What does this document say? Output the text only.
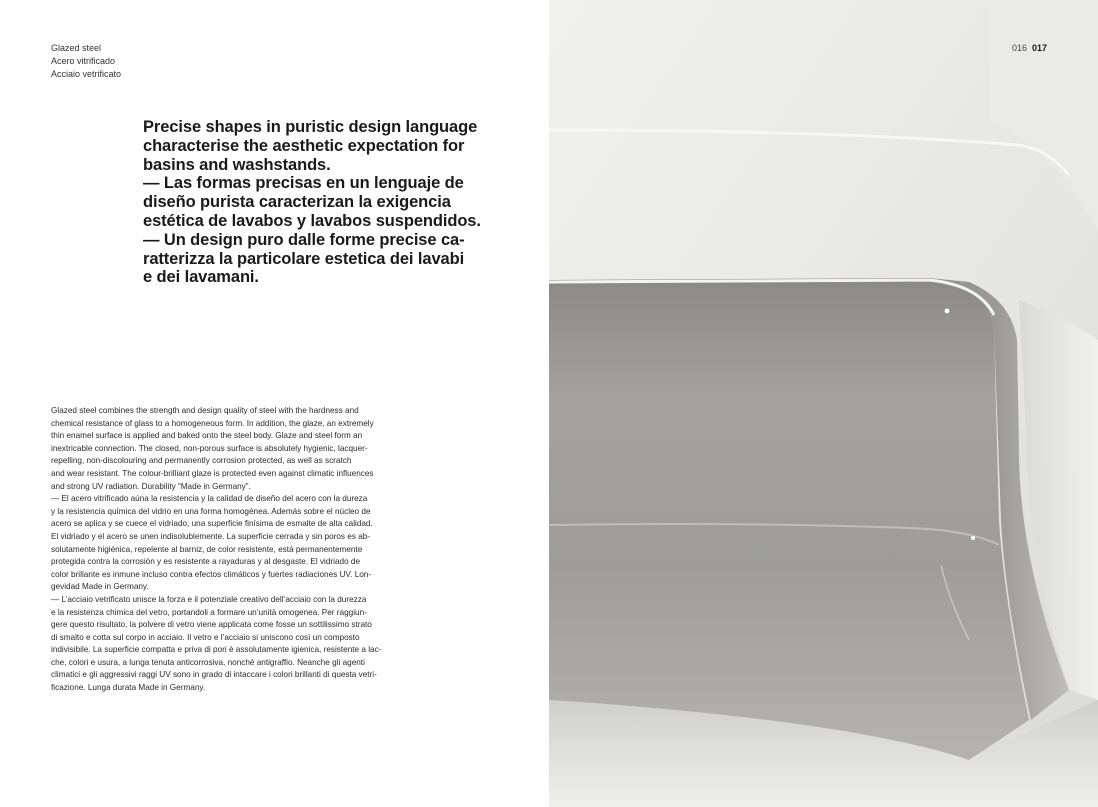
Glazed steel
Acero vitrificado
Acciaio vetrificato
Precise shapes in puristic design language
characterise the aesthetic expectation for
basins and washstands.
— Las formas precisas en un lenguaje de
diseño purista caracterizan la exigencia
estética de lavabos y lavabos suspendidos.
— Un design puro dalle forme precise ca-
ratterizza la particolare estetica dei lavabi
e dei lavamani.
Glazed steel combines the strength and design quality of steel with the hardness and
chemical resistance of glass to a homogeneous form. In addition, the glaze, an extremely
thin enamel surface is applied and baked onto the steel body. Glaze and steel form an
inextricable connection. The closed, non-porous surface is absolutely hygienic, lacquer-
repelling, non-discolouring and permanently corrosion protected, as well as scratch
and wear resistant. The colour-brilliant glaze is protected even against climatic influences
and strong UV radiation. Durability “Made in Germany”.
— El acero vitrificado aúna la resistencia y la calidad de diseño del acero con la dureza
y la resistencia química del vidrio en una forma homogénea. Además sobre el núcleo de
acero se aplica y se cuece el vidriado, una superficie finísima de esmalte de alta calidad.
El vidriado y el acero se unen indisolublemente. La superficie cerrada y sin poros es ab-
solutamente higiénica, repelente al barniz, de color resistente, está permanentemente
protegida contra la corrosión y es resistente a rayaduras y al desgaste. El vidriado de
color brillante es inmune incluso contra efectos climáticos y fuertes radiaciones UV. Lon-
gevidad Made in Germany.
— L’acciaio vetrificato unisce la forza e il potenziale creativo dell’acciaio con la durezza
e la resistenza chimica del vetro, portandoli a formare un’unità omogenea. Per raggiun-
gere questo risultato, la polvere di vetro viene applicata come fosse un sottilissimo strato
di smalto e cotta sul corpo in acciaio. Il vetro e l’acciaio si uniscono così un composto
indivisibile. La superficie compatta e priva di pori è assolutamente igienica, resistente a lac-
che, colori e usura, a lunga tenuta anticorrosiva, nonché antigraffio. Neanche gli agenti
climatici e gli aggressivi raggi UV sono in grado di intaccare i colori brillanti di questa vetri-
ficazione. Lunga durata Made in Germany.
016 017
